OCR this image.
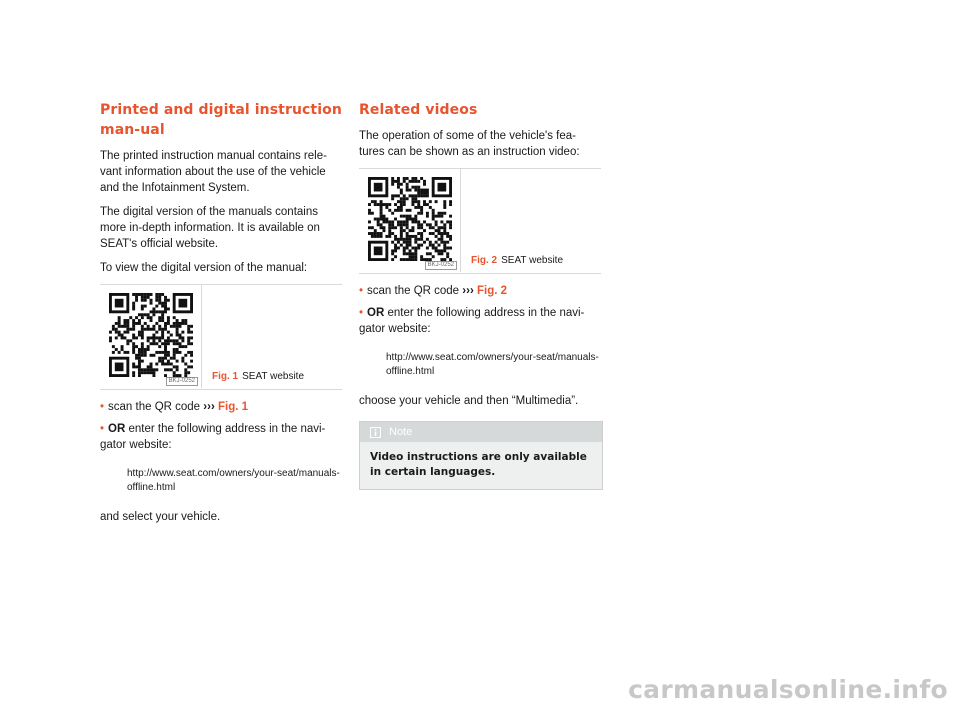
Printed and digital instruction man-ual

The printed instruction manual contains rele-vant information about the use of the vehicle and the Infotainment System.

The digital version of the manuals contains more in-depth information. It is available on SEAT's official website.

To view the digital version of the manual:

BKJ-0252	Fig. 1 SEAT website
• scan the QR code ››› Fig. 1
• OR enter the following address in the navi-gator website:
http://www.seat.com/owners/your-seat/manuals-offline.html

and select your vehicle.

Related videos

The operation of some of the vehicle's fea-tures can be shown as an instruction video:

BKJ-0252	Fig. 2 SEAT website
• scan the QR code ››› Fig. 2
• OR enter the following address in the navi-gator website:
http://www.seat.com/owners/your-seat/manuals-offline.html

choose your vehicle and then “Multimedia”.

Note
Video instructions are only available in certain languages.
carmanualsonline.info
